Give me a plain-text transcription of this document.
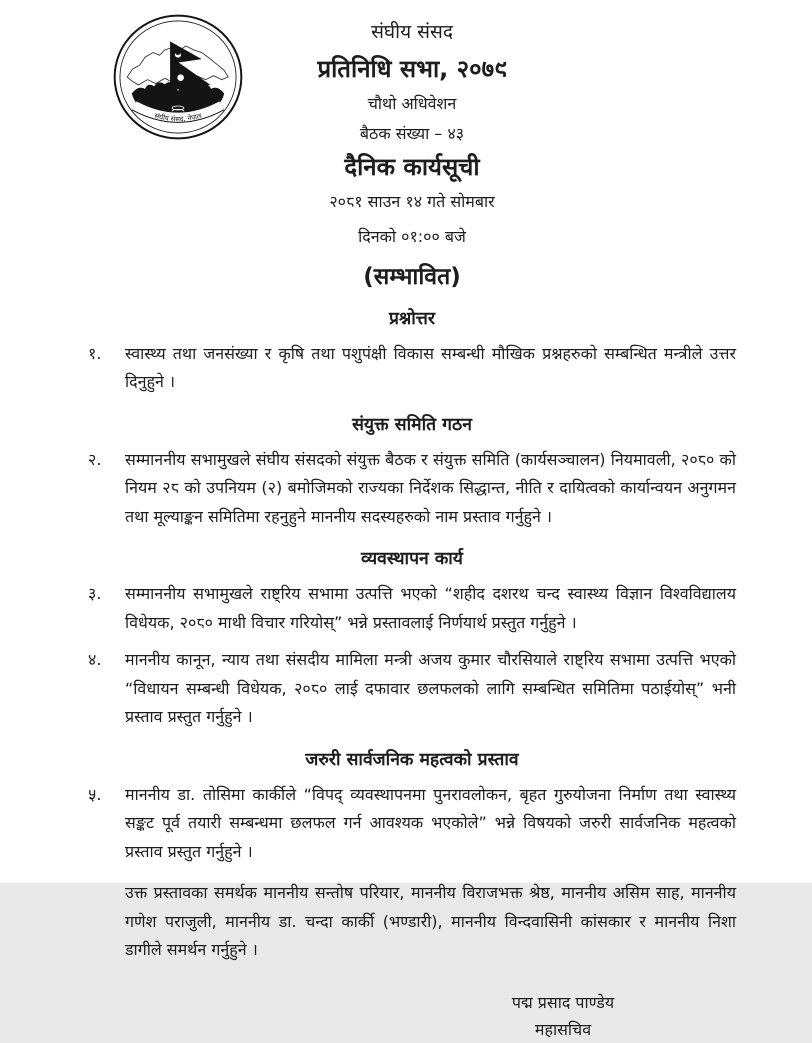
संघीय संसद, नेपाल
संघीय संसद
प्रतिनिधि सभा, २०७९
चौथो अधिवेशन
बैठक संख्या – ४३
दैनिक कार्यसूची
२०८१ साउन १४ गते सोमबार
दिनको ०१:०० बजे
(सम्भावित)
प्रश्नोत्तर
१.	स्वास्थ्य तथा जनसंख्या र कृषि तथा पशुपंक्षी विकास सम्बन्धी मौखिक प्रश्नहरुको सम्बन्धित मन्त्रीले उत्तर दिनुहुने ।

संयुक्त समिति गठन
२.	सम्माननीय सभामुखले संघीय संसदको संयुक्त बैठक र संयुक्त समिति (कार्यसञ्चालन) नियमावली, २०८० को नियम २८ को उपनियम (२) बमोजिमको राज्यका निर्देशक सिद्धान्त, नीति र दायित्वको कार्यान्वयन अनुगमन तथा मूल्याङ्कन समितिमा रहनुहुने माननीय सदस्यहरुको नाम प्रस्ताव गर्नुहुने ।

व्यवस्थापन कार्य
३.	सम्माननीय सभामुखले राष्ट्रिय सभामा उत्पत्ति भएको “शहीद दशरथ चन्द स्वास्थ्य विज्ञान विश्वविद्यालय विधेयक, २०८० माथी विचार गरियोस्” भन्ने प्रस्तावलाई निर्णयार्थ प्रस्तुत गर्नुहुने ।

४.	माननीय कानून, न्याय तथा संसदीय मामिला मन्त्री अजय कुमार चौरसियाले राष्ट्रिय सभामा उत्पत्ति भएको “विधायन सम्बन्धी विधेयक, २०८० लाई दफावार छलफलको लागि सम्बन्धित समितिमा पठाईयोस्” भनी प्रस्ताव प्रस्तुत गर्नुहुने ।

जरुरी सार्वजनिक महत्वको प्रस्ताव
५.	माननीय डा. तोसिमा कार्कीले “विपद् व्यवस्थापनमा पुनरावलोकन, बृहत गुरुयोजना निर्माण तथा स्वास्थ्य सङ्कट पूर्व तयारी सम्बन्धमा छलफल गर्न आवश्यक भएकोले” भन्ने विषयको जरुरी सार्वजनिक महत्वको प्रस्ताव प्रस्तुत गर्नुहुने ।

उक्त प्रस्तावका समर्थक माननीय सन्तोष परियार, माननीय विराजभक्त श्रेष्ठ, माननीय असिम साह, माननीय गणेश पराजुली, माननीय डा. चन्दा कार्की (भण्डारी), माननीय विन्दवासिनी कांसकार र माननीय निशा डागीले समर्थन गर्नुहुने ।

पद्म प्रसाद पाण्डेय
महासचिव
